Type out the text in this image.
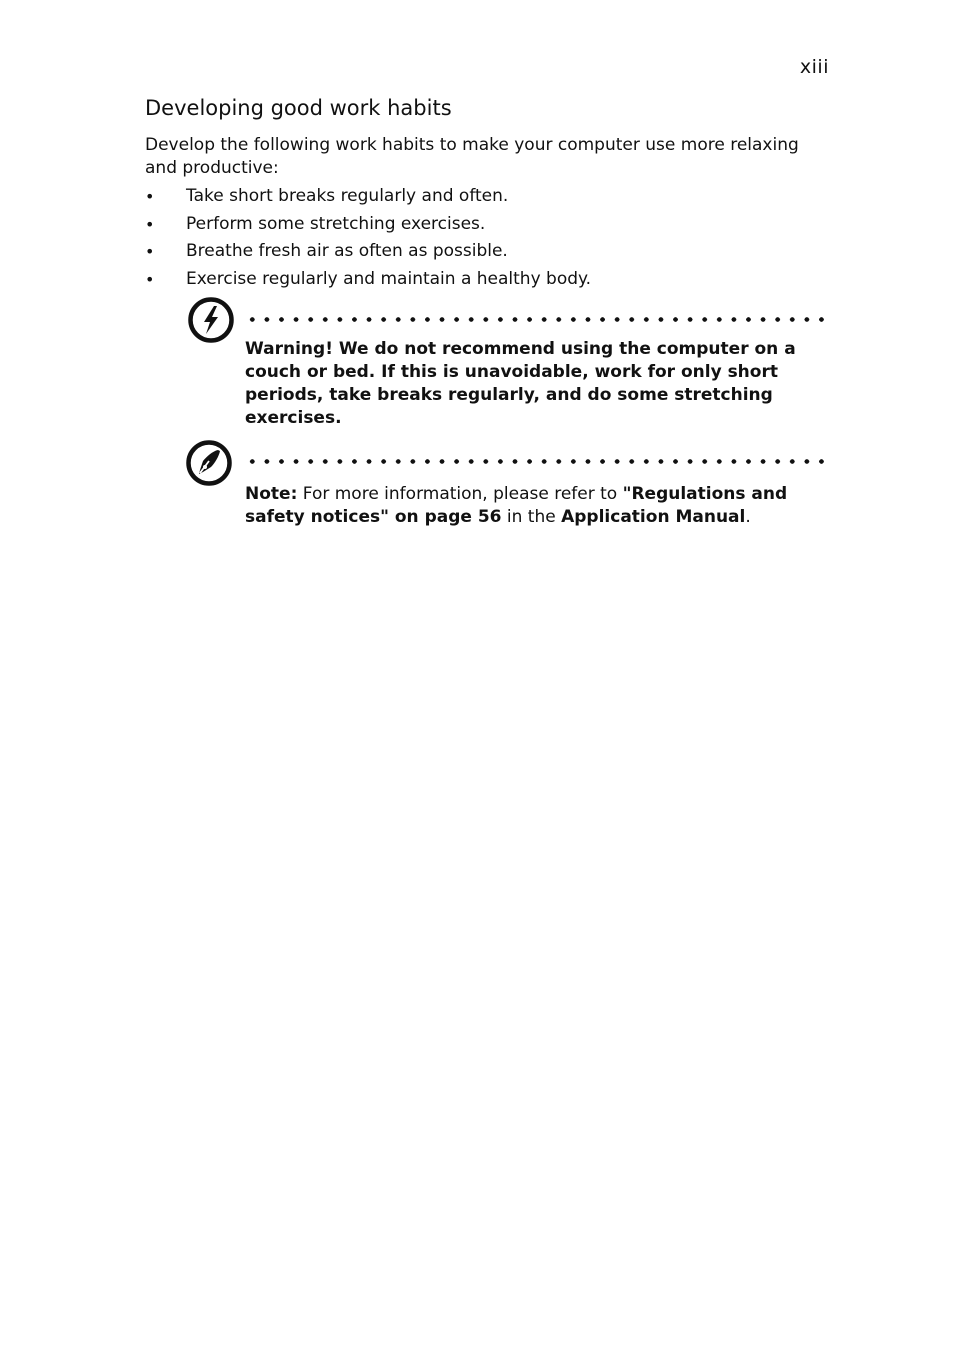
xiii
Developing good work habits

Develop the following work habits to make your computer use more relaxing and productive:

• Take short breaks regularly and often.
• Perform some stretching exercises.
• Breathe fresh air as often as possible.
• Exercise regularly and maintain a healthy body.

Warning! We do not recommend using the computer on a couch or bed. If this is unavoidable, work for only short periods, take breaks regularly, and do some stretching exercises.

Note: For more information, please refer to "Regulations and safety notices" on page 56 in the Application Manual.
